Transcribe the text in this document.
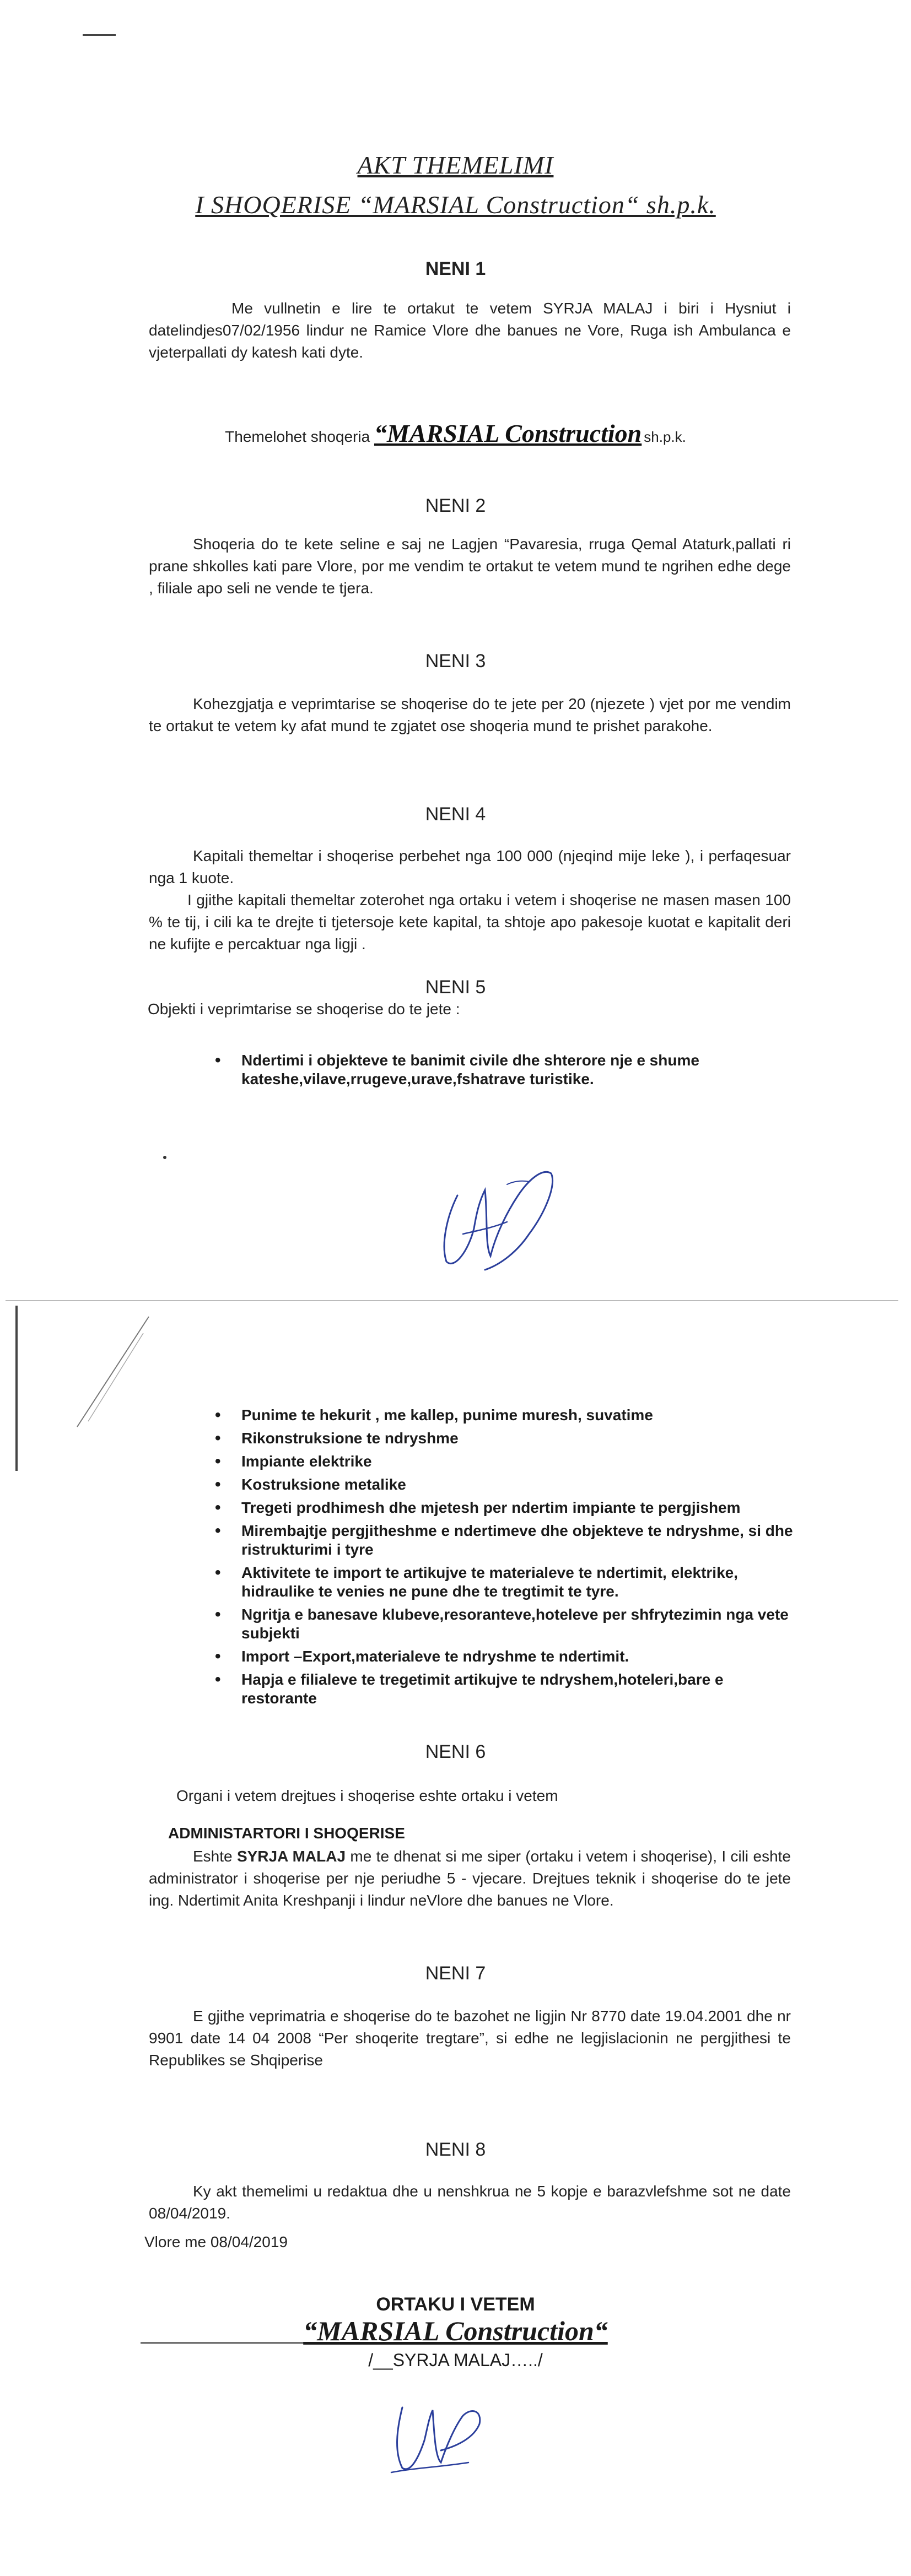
AKT THEMELIMI
I SHOQERISE “MARSIAL Construction“ sh.p.k.
NENI 1

Me vullnetin e lire te ortakut te vetem SYRJA MALAJ i biri i Hysniut i datelindjes07/02/1956 lindur ne Ramice Vlore dhe banues ne Vore, Ruga ish Ambulanca e vjeterpallati dy katesh kati dyte.

Themelohet shoqeria “MARSIAL Construction sh.p.k.
NENI 2

Shoqeria do te kete seline e saj ne Lagjen “Pavaresia, rruga Qemal Ataturk,pallati ri prane shkolles kati pare Vlore, por me vendim te ortakut te vetem mund te ngrihen edhe dege , filiale apo seli ne vende te tjera.

NENI 3

Kohezgjatja e veprimtarise se shoqerise do te jete per 20 (njezete ) vjet por me vendim te ortakut te vetem ky afat mund te zgjatet ose shoqeria mund te prishet parakohe.

NENI 4

Kapitali themeltar i shoqerise perbehet nga 100 000 (njeqind mije leke ), i perfaqesuar nga 1 kuote.

I gjithe kapitali themeltar zoterohet nga ortaku i vetem i shoqerise ne masen masen 100 % te tij, i cili ka te drejte ti tjetersoje kete kapital, ta shtoje apo pakesoje kuotat e kapitalit deri ne kufijte e percaktuar nga ligji .

NENI 5

Objekti i veprimtarise se shoqerise do te jete :

• Ndertimi i objekteve te banimit civile dhe shterore nje e shume kateshe,vilave,rrugeve,urave,fshatrave turistike.
• Punime te hekurit , me kallep, punime muresh, suvatime
• Rikonstruksione te ndryshme
• Impiante elektrike
• Kostruksione metalike
• Tregeti prodhimesh dhe mjetesh per ndertim impiante te pergjishem
• Mirembajtje pergjitheshme e ndertimeve dhe objekteve te ndryshme, si dhe ristrukturimi i tyre
• Aktivitete te import te artikujve te materialeve te ndertimit, elektrike, hidraulike te venies ne pune dhe te tregtimit te tyre.
• Ngritja e banesave klubeve,resoranteve,hoteleve per shfrytezimin nga vete subjekti
• Import –Export,materialeve te ndryshme te ndertimit.
• Hapja e filialeve te tregetimit artikujve te ndryshem,hoteleri,bare e restorante
NENI 6

Organi i vetem drejtues i shoqerise eshte ortaku i vetem

ADMINISTARTORI I SHOQERISE

Eshte SYRJA MALAJ me te dhenat si me siper (ortaku i vetem i shoqerise), I cili eshte administrator i shoqerise per nje periudhe 5 - vjecare. Drejtues teknik i shoqerise do te jete ing. Ndertimit Anita Kreshpanji i lindur neVlore dhe banues ne Vlore.

NENI 7

E gjithe veprimatria e shoqerise do te bazohet ne ligjin Nr 8770 date 19.04.2001 dhe nr 9901 date 14 04 2008 “Per shoqerite tregtare”, si edhe ne legjislacionin ne pergjithesi te Republikes se Shqiperise

NENI 8

Ky akt themelimi u redaktua dhe u nenshkrua ne 5 kopje e barazvlefshme sot ne date 08/04/2019.

Vlore me 08/04/2019

ORTAKU I VETEM
“MARSIAL Construction“
/__SYRJA MALAJ…../
